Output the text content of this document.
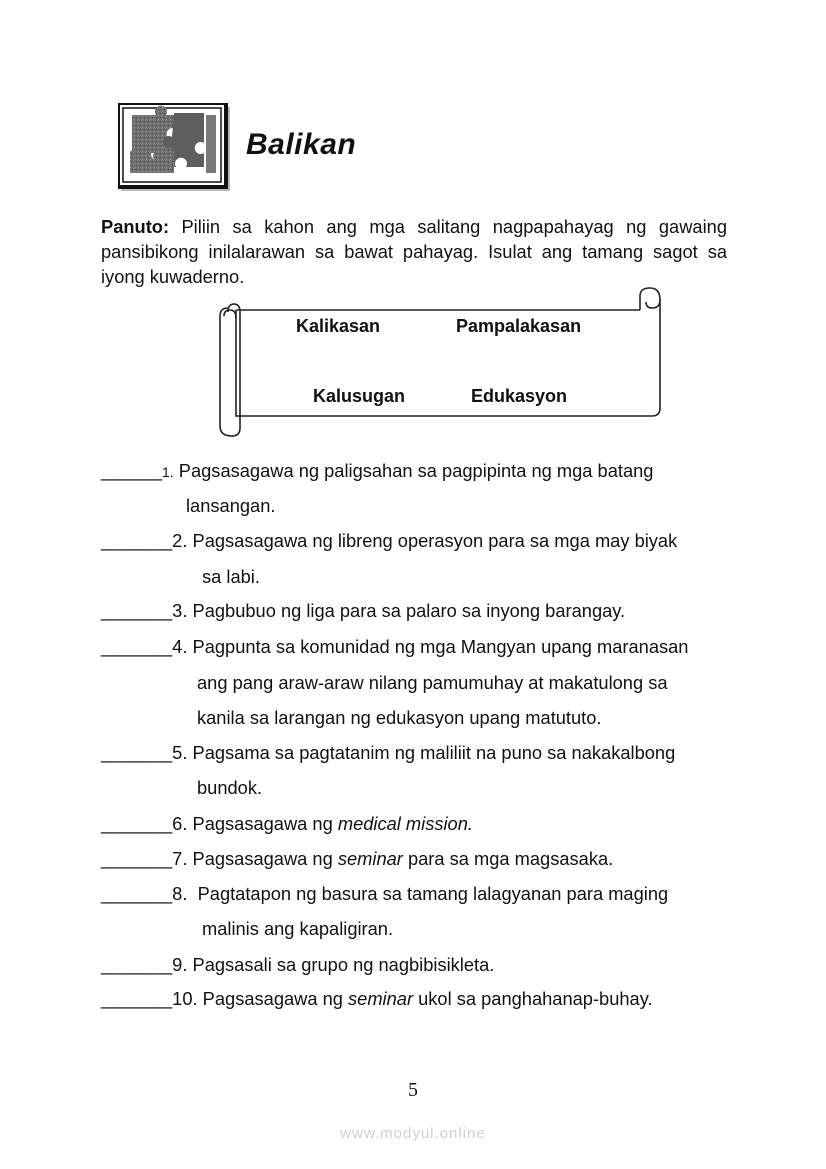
Balikan
Panuto: Piliin sa kahon ang mga salitang nagpapahayag ng gawaing pansibikong inilalarawan sa bawat pahayag. Isulat ang tamang sagot sa iyong kuwaderno.
Kalikasan	Pampalakasan
Kalusugan	Edukasyon
______1. Pagsasagawa ng paligsahan sa pagpipinta ng mga batang
lansangan.
_______2. Pagsasagawa ng libreng operasyon para sa mga may biyak
sa labi.
_______3. Pagbubuo ng liga para sa palaro sa inyong barangay.
_______4. Pagpunta sa komunidad ng mga Mangyan upang maranasan
ang pang araw-araw nilang pamumuhay at makatulong sa
kanila sa larangan ng edukasyon upang matututo.
_______5. Pagsama sa pagtatanim ng maliliit na puno sa nakakalbong
bundok.
_______6. Pagsasagawa ng medical mission.
_______7. Pagsasagawa ng seminar para sa mga magsasaka.
_______8.  Pagtatapon ng basura sa tamang lalagyanan para maging
malinis ang kapaligiran.
_______9. Pagsasali sa grupo ng nagbibisikleta.
_______10. Pagsasagawa ng seminar ukol sa panghahanap-buhay.
5
www.modyul.online
